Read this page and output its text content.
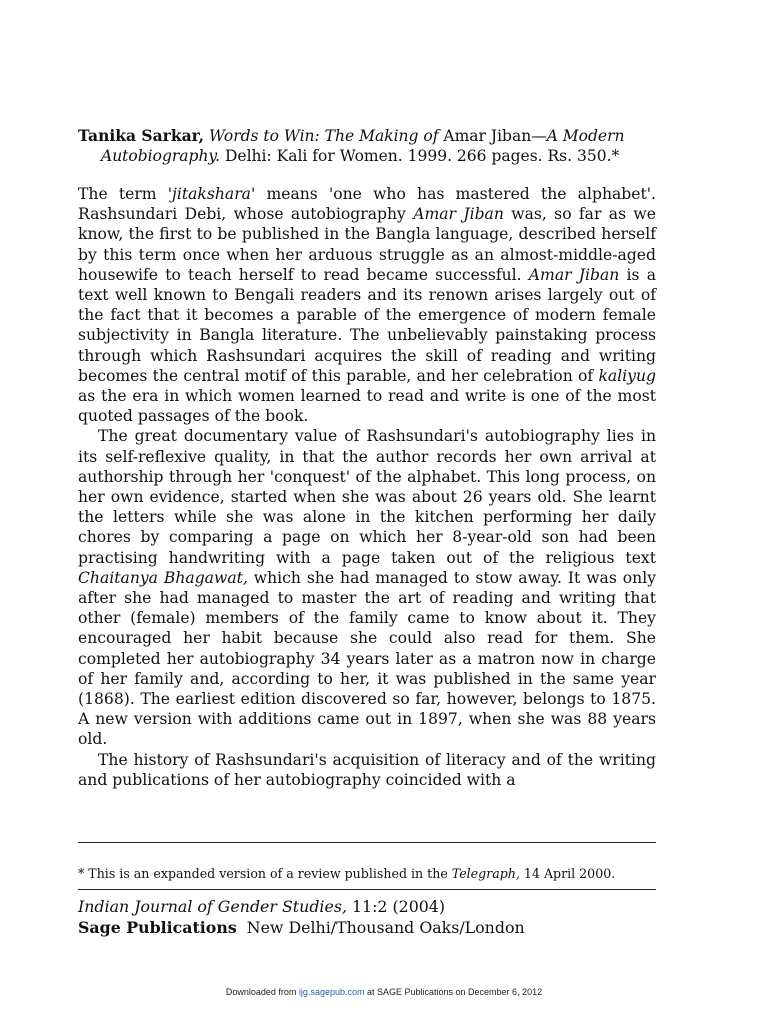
Tanika Sarkar, Words to Win: The Making of Amar Jiban—A Modern
Autobiography. Delhi: Kali for Women. 1999. 266 pages. Rs. 350.*

The term 'jitakshara' means 'one who has mastered the alphabet'. Rashsundari Debi, whose autobiography Amar Jiban was, so far as we know, the first to be published in the Bangla language, described herself by this term once when her arduous struggle as an almost-middle-aged housewife to teach herself to read became successful. Amar Jiban is a text well known to Bengali readers and its renown arises largely out of the fact that it becomes a parable of the emergence of modern female subjectivity in Bangla literature. The unbelievably painstaking process through which Rashsundari acquires the skill of reading and writing becomes the central motif of this parable, and her celebration of kaliyug as the era in which women learned to read and write is one of the most quoted passages of the book.

The great documentary value of Rashsundari's autobiography lies in its self-reflexive quality, in that the author records her own arrival at authorship through her 'conquest' of the alphabet. This long process, on her own evidence, started when she was about 26 years old. She learnt the letters while she was alone in the kitchen performing her daily chores by comparing a page on which her 8-year-old son had been practising handwriting with a page taken out of the religious text Chaitanya Bhagawat, which she had managed to stow away. It was only after she had managed to master the art of reading and writing that other (female) members of the family came to know about it. They encouraged her habit because she could also read for them. She completed her autobiography 34 years later as a matron now in charge of her family and, according to her, it was published in the same year (1868). The earliest edition discovered so far, however, belongs to 1875. A new version with additions came out in 1897, when she was 88 years old.

The history of Rashsundari's acquisition of literacy and of the writing and publications of her autobiography coincided with a

* This is an expanded version of a review published in the Telegraph, 14 April 2000.

Indian Journal of Gender Studies, 11:2 (2004)
Sage Publications  New Delhi/Thousand Oaks/London
Downloaded from ijg.sagepub.com at SAGE Publications on December 6, 2012
